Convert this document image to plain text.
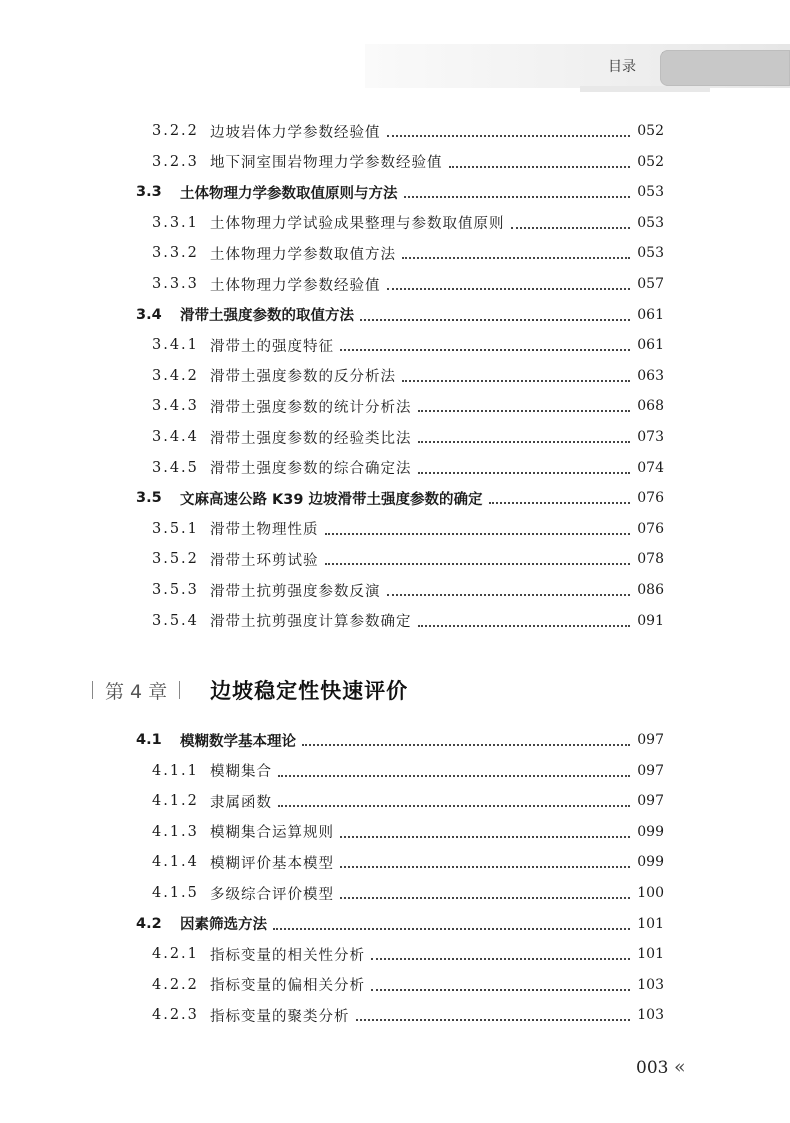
目录
3.2.2 边坡岩体力学参数经验值	052
3.2.3 地下洞室围岩物理力学参数经验值	052
3.3	土体物理力学参数取值原则与方法	053
3.3.1 土体物理力学试验成果整理与参数取值原则	053
3.3.2 土体物理力学参数取值方法	053
3.3.3 土体物理力学参数经验值	057
3.4	滑带土强度参数的取值方法	061
3.4.1 滑带土的强度特征	061
3.4.2 滑带土强度参数的反分析法	063
3.4.3 滑带土强度参数的统计分析法	068
3.4.4 滑带土强度参数的经验类比法	073
3.4.5 滑带土强度参数的综合确定法	074
3.5	文麻高速公路 K39 边坡滑带土强度参数的确定	076
3.5.1 滑带土物理性质	076
3.5.2 滑带土环剪试验	078
3.5.3 滑带土抗剪强度参数反演	086
3.5.4 滑带土抗剪强度计算参数确定	091
4.1	模糊数学基本理论	097
4.1.1 模糊集合	097
4.1.2 隶属函数	097
4.1.3 模糊集合运算规则	099
4.1.4 模糊评价基本模型	099
4.1.5 多级综合评价模型	100
4.2	因素筛选方法	101
4.2.1 指标变量的相关性分析	101
4.2.2 指标变量的偏相关分析	103
4.2.3 指标变量的聚类分析	103
第 4 章 边坡稳定性快速评价
003 «
